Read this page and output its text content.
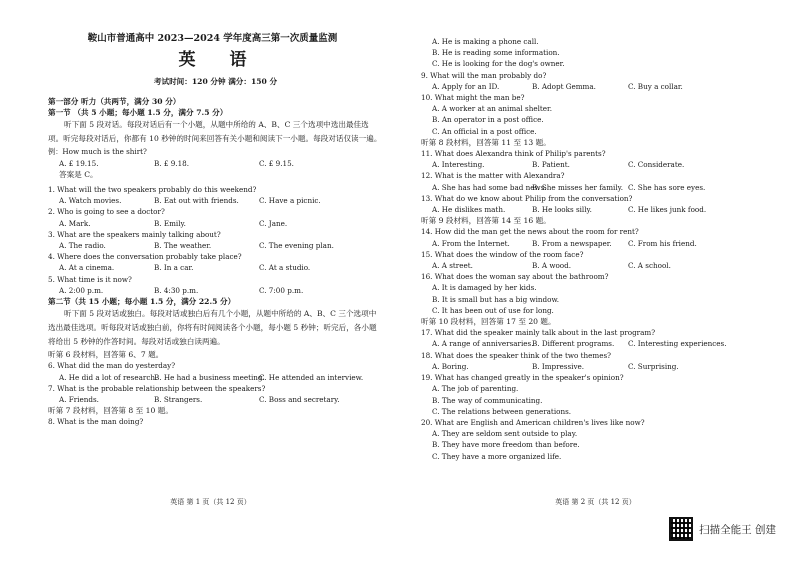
鞍山市普通高中 2023—2024 学年度高三第一次质量监测
英 语
考试时间：120 分钟 满分：150 分
第一部分 听力（共两节，满分 30 分）
第一节 （共 5 小题；每小题 1.5 分，满分 7.5 分）
听下面 5 段对话。每段对话后有一个小题，从题中所给的 A、B、C 三个选项中选出最佳选项。听完每段对话后，你都有 10 秒钟的时间来回答有关小题和阅读下一小题。每段对话仅读一遍。
例：How much is the shirt?
A. £ 19.15.	B. £ 9.18.	C. £ 9.15.
答案是 C。
1. What will the two speakers probably do this weekend?
A. Watch movies.	B. Eat out with friends.	C. Have a picnic.
2. Who is going to see a doctor?
A. Mark.	B. Emily.	C. Jane.
3. What are the speakers mainly talking about?
A. The radio.	B. The weather.	C. The evening plan.
4. Where does the conversation probably take place?
A. At a cinema.	B. In a car.	C. At a studio.
5. What time is it now?
A. 2:00 p.m.	B. 4:30 p.m.	C. 7:00 p.m.
第二节（共 15 小题；每小题 1.5 分，满分 22.5 分）
听下面 5 段对话或独白。每段对话或独白后有几个小题，从题中所给的 A、B、C 三个选项中选出最佳选项。听每段对话或独白前，你将有时间阅读各个小题，每小题 5 秒钟；听完后，各小题将给出 5 秒钟的作答时间。每段对话或独白读两遍。
听第 6 段材料，回答第 6、7 题。
6. What did the man do yesterday?
A. He did a lot of research.
B. He had a business meeting.
C. He attended an interview.
7. What is the probable relationship between the speakers?
A. Friends.	B. Strangers.	C. Boss and secretary.
听第 7 段材料，回答第 8 至 10 题。
8. What is the man doing?
英语 第 1 页（共 12 页）
A. He is making a phone call.
B. He is reading some information.
C. He is looking for the dog's owner.
9. What will the man probably do?
A. Apply for an ID.	B. Adopt Gemma.	C. Buy a collar.
10. What might the man be?
A. A worker at an animal shelter.
B. An operator in a post office.
C. An official in a post office.
听第 8 段材料，回答第 11 至 13 题。
11. What does Alexandra think of Philip's parents?
A. Interesting.	B. Patient.	C. Considerate.
12. What is the matter with Alexandra?
A. She has had some bad news.
B. She misses her family. C. She has sore eyes.
13. What do we know about Philip from the conversation?
A. He dislikes math.	B. He looks silly.	C. He likes junk food.
听第 9 段材料，回答第 14 至 16 题。
14. How did the man get the news about the room for rent?
A. From the Internet.	B. From a newspaper.	C. From his friend.
15. What does the window of the room face?
A. A street.	B. A wood.	C. A school.
16. What does the woman say about the bathroom?
A. It is damaged by her kids.
B. It is small but has a big window.
C. It has been out of use for long.
听第 10 段材料，回答第 17 至 20 题。
17. What did the speaker mainly talk about in the last program?
A. A range of anniversaries.
B. Different programs.	C. Interesting experiences.
18. What does the speaker think of the two themes?
A. Boring.	B. Impressive.	C. Surprising.
19. What has changed greatly in the speaker's opinion?
A. The job of parenting.
B. The way of communicating.
C. The relations between generations.
20. What are English and American children's lives like now?
A. They are seldom sent outside to play.
B. They have more freedom than before.
C. They have a more organized life.
英语 第 2 页（共 12 页）
扫描全能王 创建
